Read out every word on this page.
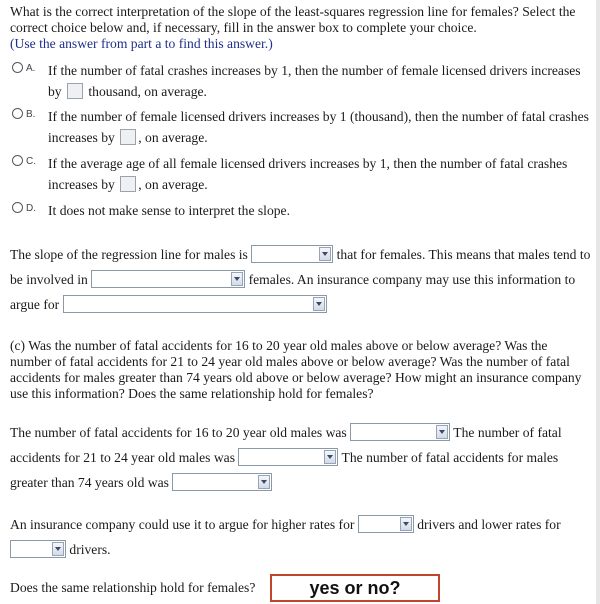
What is the correct interpretation of the slope of the least-squares regression line for females? Select the correct choice below and, if necessary, fill in the answer box to complete your choice.
(Use the answer from part a to find this answer.)
A. If the number of fatal crashes increases by 1, then the number of female licensed drivers increases by thousand, on average.
B. If the number of female licensed drivers increases by 1 (thousand), then the number of fatal crashes increases by , on average.
C. If the average age of all female licensed drivers increases by 1, then the number of fatal crashes increases by , on average.
D. It does not make sense to interpret the slope.
The slope of the regression line for males is	that for females. This means that males tend to be involved in	females. An insurance company may use this information to argue for
(c) Was the number of fatal accidents for 16 to 20 year old males above or below average? Was the number of fatal accidents for 21 to 24 year old males above or below average? Was the number of fatal accidents for males greater than 74 years old above or below average? How might an insurance company use this information? Does the same relationship hold for females?
The number of fatal accidents for 16 to 20 year old males was	The number of fatal accidents for 21 to 24 year old males was	The number of fatal accidents for males greater than 74 years old was
An insurance company could use it to argue for higher rates for	drivers and lower rates for
drivers.
Does the same relationship hold for females?	yes or no?
